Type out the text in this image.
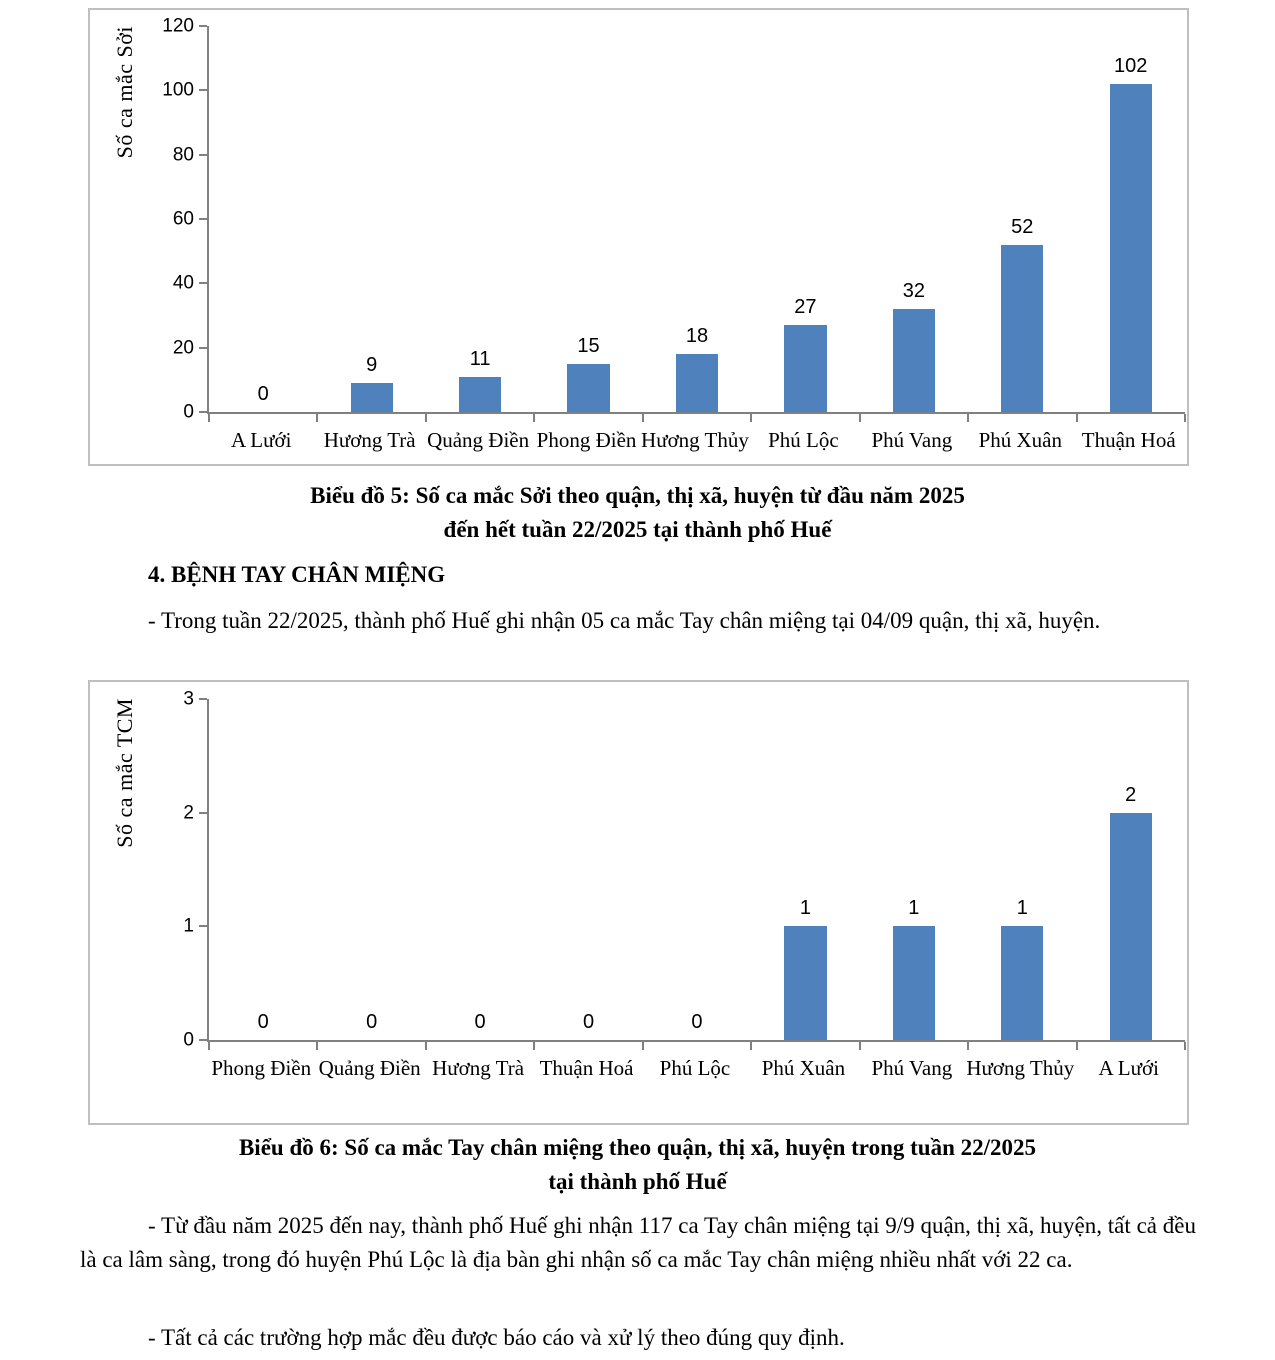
Số ca mắc Sởi
0
20
40
60
80
100
120
0
9	11
15	18
27
32
52
102
A Lưới	Hương Trà Quảng Điền Phong Điền Hương Thủy Phú Lộc	Phú Vang	Phú Xuân Thuận Hoá
Biểu đồ 5: Số ca mắc Sởi theo quận, thị xã, huyện từ đầu năm 2025
đến hết tuần 22/2025 tại thành phố Huế
4. BỆNH TAY CHÂN MIỆNG
- Trong tuần 22/2025, thành phố Huế ghi nhận 05 ca mắc Tay chân miệng tại 04/09 quận, thị xã, huyện.
Số ca mắc TCM
0
1
2
3
0	0	0	0	0
1	1	1
2
Phong Điền Quảng Điền Hương Trà Thuận Hoá	Phú Lộc	Phú Xuân	Phú Vang Hương Thủy	A Lưới
Biểu đồ 6: Số ca mắc Tay chân miệng theo quận, thị xã, huyện trong tuần 22/2025
tại thành phố Huế
- Từ đầu năm 2025 đến nay, thành phố Huế ghi nhận 117 ca Tay chân miệng tại 9/9 quận, thị xã, huyện, tất cả đều là ca lâm sàng, trong đó huyện Phú Lộc là địa bàn ghi nhận số ca mắc Tay chân miệng nhiều nhất với 22 ca.
- Tất cả các trường hợp mắc đều được báo cáo và xử lý theo đúng quy định.
